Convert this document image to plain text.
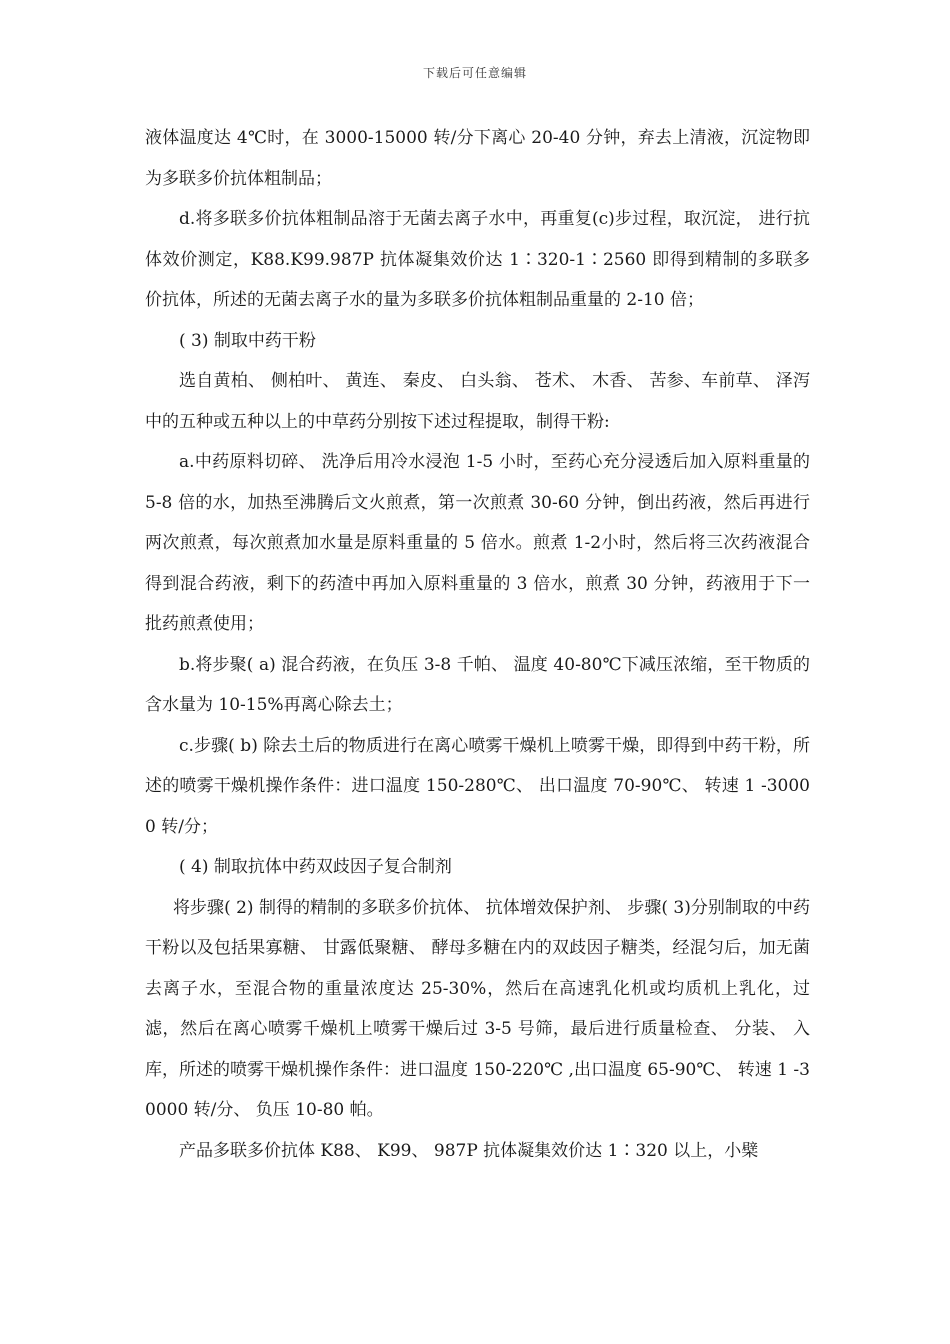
下载后可任意编辑

液体温度达 4℃时，在 3000-15000 转/分下离心 20-40 分钟，弃去上清液，沉淀物即为多联多价抗体粗制品；

d.将多联多价抗体粗制品溶于无菌去离子水中，再重复(c)步过程，取沉淀， 进行抗体效价测定，K88.K99.987P 抗体凝集效价达 1∶320-1∶2560 即得到精制的多联多价抗体，所述的无菌去离子水的量为多联多价抗体粗制品重量的 2-10 倍；

( 3) 制取中药干粉

选自黄柏、 侧柏叶、 黄连、 秦皮、 白头翁、 苍术、 木香、 苦参、车前草、 泽泻中的五种或五种以上的中草药分别按下述过程提取，制得干粉:

a.中药原料切碎、 洗净后用冷水浸泡 1-5 小时，至药心充分浸透后加入原料重量的 5-8 倍的水，加热至沸腾后文火煎煮，第一次煎煮 30-60 分钟，倒出药液，然后再进行两次煎煮，每次煎煮加水量是原料重量的 5 倍水。煎煮 1-2小时，然后将三次药液混合得到混合药液，剩下的药渣中再加入原料重量的 3 倍水，煎煮 30 分钟，药液用于下一批药煎煮使用；

b.将步聚( a) 混合药液，在负压 3-8 千帕、 温度 40-80℃下减压浓缩，至干物质的含水量为 10-15%再离心除去土；

c.步骤( b) 除去土后的物质进行在离心喷雾干燥机上喷雾干燥，即得到中药干粉，所述的喷雾干燥机操作条件：进口温度 150-280℃、 出口温度 70-90℃、 转速 1 -30000 转/分；

( 4) 制取抗体中药双歧因子复合制剂

将步骤( 2) 制得的精制的多联多价抗体、 抗体增效保护剂、 步骤( 3)分别制取的中药干粉以及包括果寡糖、 甘露低聚糖、 酵母多糖在内的双歧因子糖类，经混匀后，加无菌去离子水，至混合物的重量浓度达 25-30%，然后在高速乳化机或均质机上乳化，过滤，然后在离心喷雾千燥机上喷雾干燥后过 3-5 号筛，最后进行质量检查、 分装、 入库，所述的喷雾干燥机操作条件：进口温度 150-220℃ ,出口温度 65-90℃、 转速 1 -30000 转/分、 负压 10-80 帕。

产品多联多价抗体 K88、 K99、 987P 抗体凝集效价达 1∶320 以上，小檗
